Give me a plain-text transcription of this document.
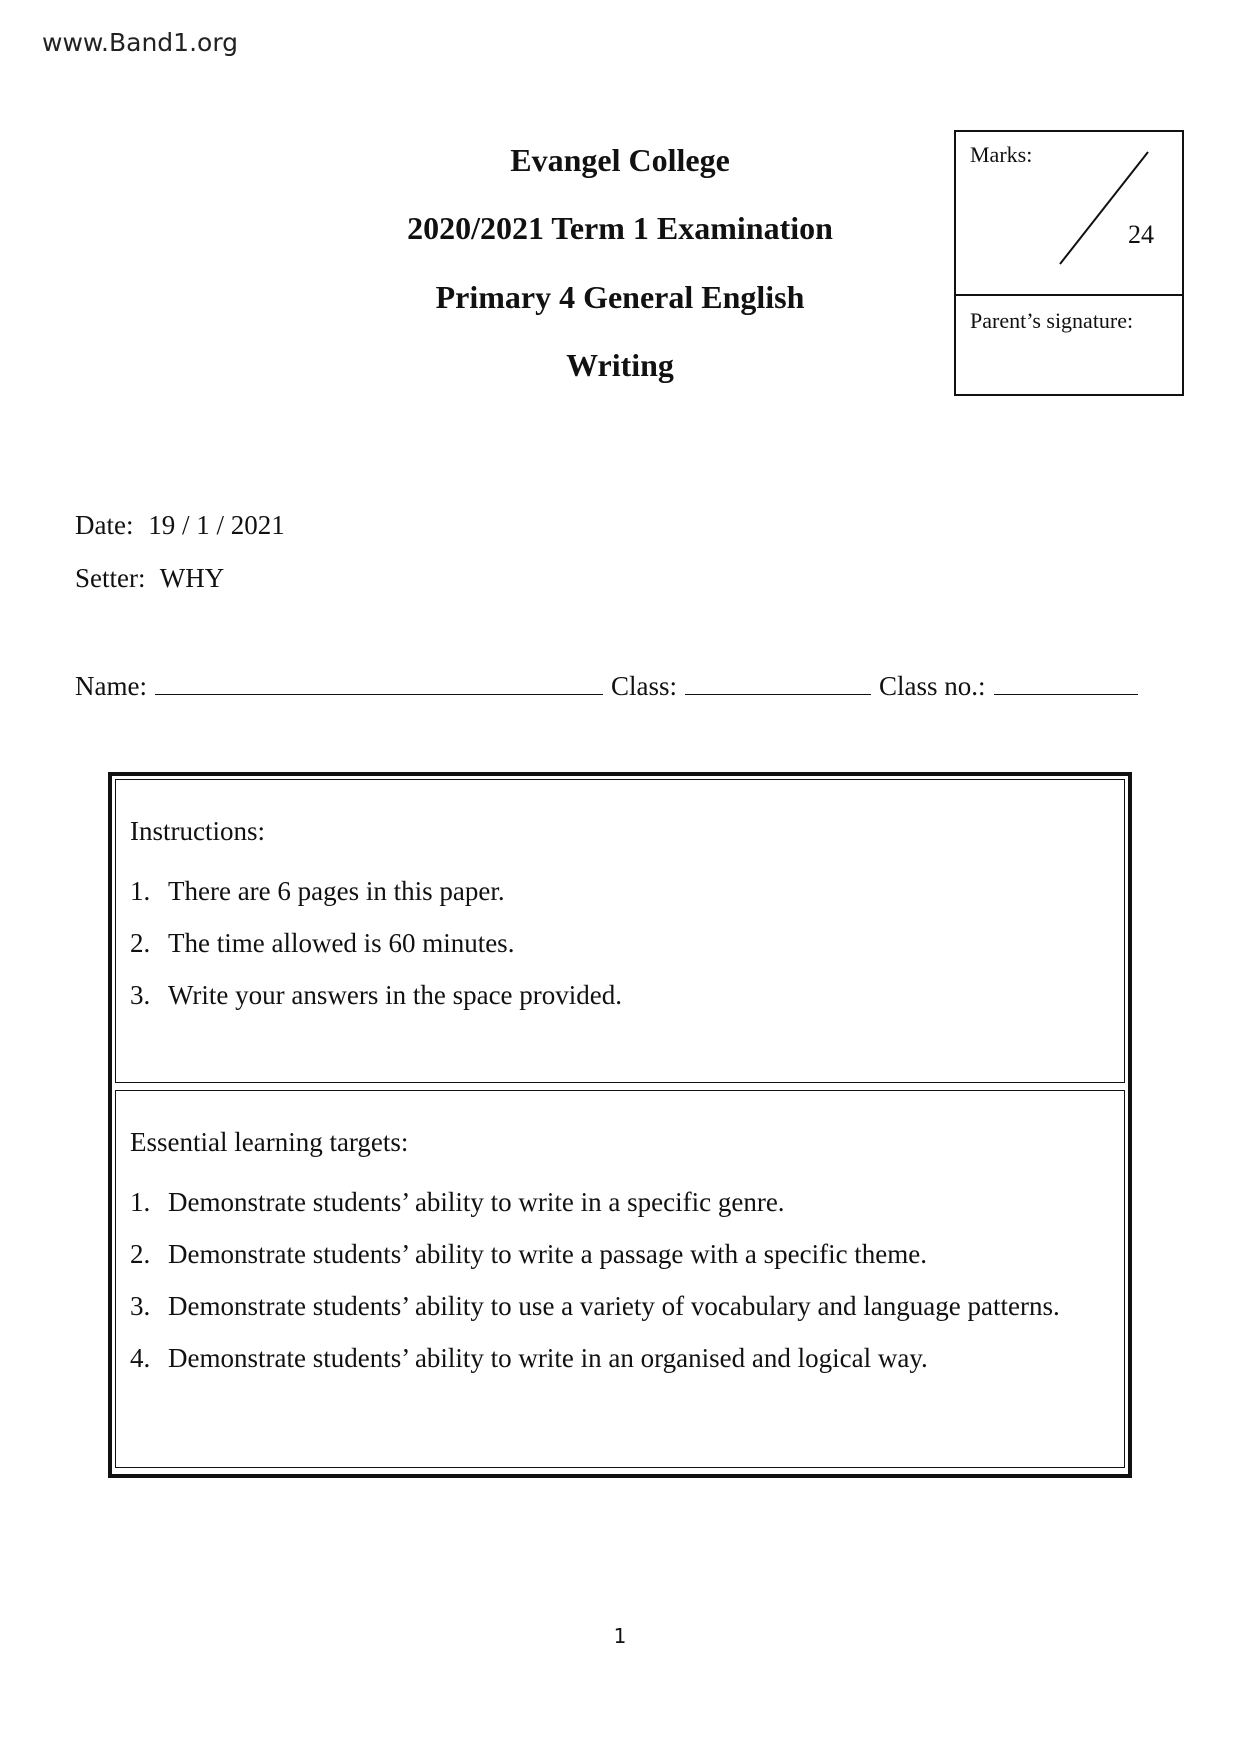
www.Band1.org
Evangel College
2020/2021 Term 1 Examination
Primary 4 General English
Writing
Marks:
24
Parent’s signature:
Date: 19 / 1 / 2021
Setter: WHY
Name:	Class:	Class no.:
Instructions:
1. There are 6 pages in this paper.
2. The time allowed is 60 minutes.
3. Write your answers in the space provided.
Essential learning targets:
1. Demonstrate students’ ability to write in a specific genre.
2. Demonstrate students’ ability to write a passage with a specific theme.
3. Demonstrate students’ ability to use a variety of vocabulary and language patterns.
4. Demonstrate students’ ability to write in an organised and logical way.
1
